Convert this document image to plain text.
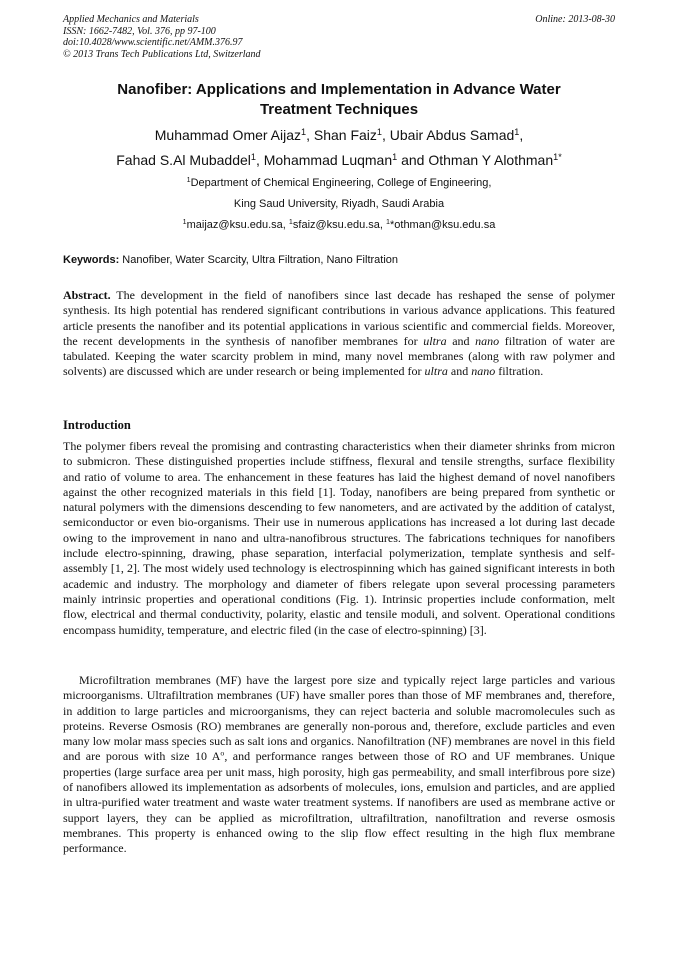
Applied Mechanics and Materials
ISSN: 1662-7482, Vol. 376, pp 97-100
doi:10.4028/www.scientific.net/AMM.376.97
© 2013 Trans Tech Publications Ltd, Switzerland
Online: 2013-08-30
Nanofiber: Applications and Implementation in Advance Water
Treatment Techniques
Muhammad Omer Aijaz$^1$, Shan Faiz$^1$, Ubair Abdus Samad$^1$,
Fahad S.Al Mubaddel$^1$, Mohammad Luqman$^1$ and Othman Y Alothman$^{1*}$
$^1$Department of Chemical Engineering, College of Engineering,
King Saud University, Riyadh, Saudi Arabia
$^1$maijaz@ksu.edu.sa, $^1$sfaiz@ksu.edu.sa, $^1$*othman@ksu.edu.sa
Keywords: Nanofiber, Water Scarcity, Ultra Filtration, Nano Filtration
Abstract. The development in the field of nanofibers since last decade has reshaped the sense of polymer synthesis. Its high potential has rendered significant contributions in various advance applications. This featured article presents the nanofiber and its potential applications in various scientific and commercial fields. Moreover, the recent developments in the synthesis of nanofiber membranes for ultra and nano filtration of water are tabulated. Keeping the water scarcity problem in mind, many novel membranes (along with raw polymer and solvents) are discussed which are under research or being implemented for ultra and nano filtration.
Introduction
The polymer fibers reveal the promising and contrasting characteristics when their diameter shrinks from micron to submicron. These distinguished properties include stiffness, flexural and tensile strengths, surface flexibility and ratio of volume to area. The enhancement in these features has laid the highest demand of novel nanofibers against the other recognized materials in this field [1]. Today, nanofibers are being prepared from synthetic or natural polymers with the dimensions descending to few nanometers, and are activated by the addition of catalyst, semiconductor or even bio-organisms. Their use in numerous applications has increased a lot during last decade owing to the improvement in nano and ultra-nanofibrous structures. The fabrications techniques for nanofibers include electro-spinning, drawing, phase separation, interfacial polymerization, template synthesis and self-assembly [1, 2]. The most widely used technology is electrospinning which has gained significant interests in both academic and industry. The morphology and diameter of fibers relegate upon several processing parameters mainly intrinsic properties and operational conditions (Fig. 1). Intrinsic properties include conformation, melt flow, electrical and thermal conductivity, polarity, elastic and tensile moduli, and solvent. Operational conditions encompass humidity, temperature, and electric filed (in the case of electro-spinning) [3].
Microfiltration membranes (MF) have the largest pore size and typically reject large particles and various microorganisms. Ultrafiltration membranes (UF) have smaller pores than those of MF membranes and, therefore, in addition to large particles and microorganisms, they can reject bacteria and soluble macromolecules such as proteins. Reverse Osmosis (RO) membranes are generally non-porous and, therefore, exclude particles and even many low molar mass species such as salt ions and organics. Nanofiltration (NF) membranes are novel in this field and are porous with size 10 $A^o$, and performance ranges between those of RO and UF membranes. Unique properties (large surface area per unit mass, high porosity, high gas permeability, and small interfibrous pore size) of nanofibers allowed its implementation as adsorbents of molecules, ions, emulsion and particles, and are applied in ultra-purified water treatment and waste water treatment systems. If nanofibers are used as membrane active or support layers, they can be applied as microfiltration, ultrafiltration, nanofiltration and reverse osmosis membranes. This property is enhanced owing to the slip flow effect resulting in the high flux membrane performance.
